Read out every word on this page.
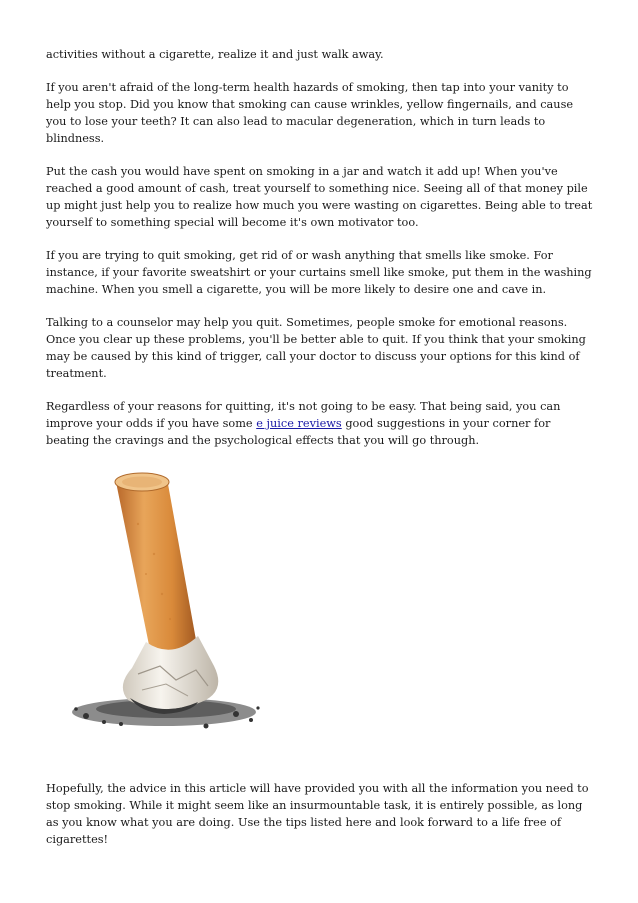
activities without a cigarette, realize it and just walk away.

If you aren't afraid of the long-term health hazards of smoking, then tap into your vanity to help you stop. Did you know that smoking can cause wrinkles, yellow fingernails, and cause you to lose your teeth? It can also lead to macular degeneration, which in turn leads to blindness.

Put the cash you would have spent on smoking in a jar and watch it add up! When you've reached a good amount of cash, treat yourself to something nice. Seeing all of that money pile up might just help you to realize how much you were wasting on cigarettes. Being able to treat yourself to something special will become it's own motivator too.

If you are trying to quit smoking, get rid of or wash anything that smells like smoke. For instance, if your favorite sweatshirt or your curtains smell like smoke, put them in the washing machine. When you smell a cigarette, you will be more likely to desire one and cave in.

Talking to a counselor may help you quit. Sometimes, people smoke for emotional reasons. Once you clear up these problems, you'll be better able to quit. If you think that your smoking may be caused by this kind of trigger, call your doctor to discuss your options for this kind of treatment.

Regardless of your reasons for quitting, it's not going to be easy. That being said, you can improve your odds if you have some e juice reviews good suggestions in your corner for beating the cravings and the psychological effects that you will go through.

Hopefully, the advice in this article will have provided you with all the information you need to stop smoking. While it might seem like an insurmountable task, it is entirely possible, as long as you know what you are doing. Use the tips listed here and look forward to a life free of cigarettes!
